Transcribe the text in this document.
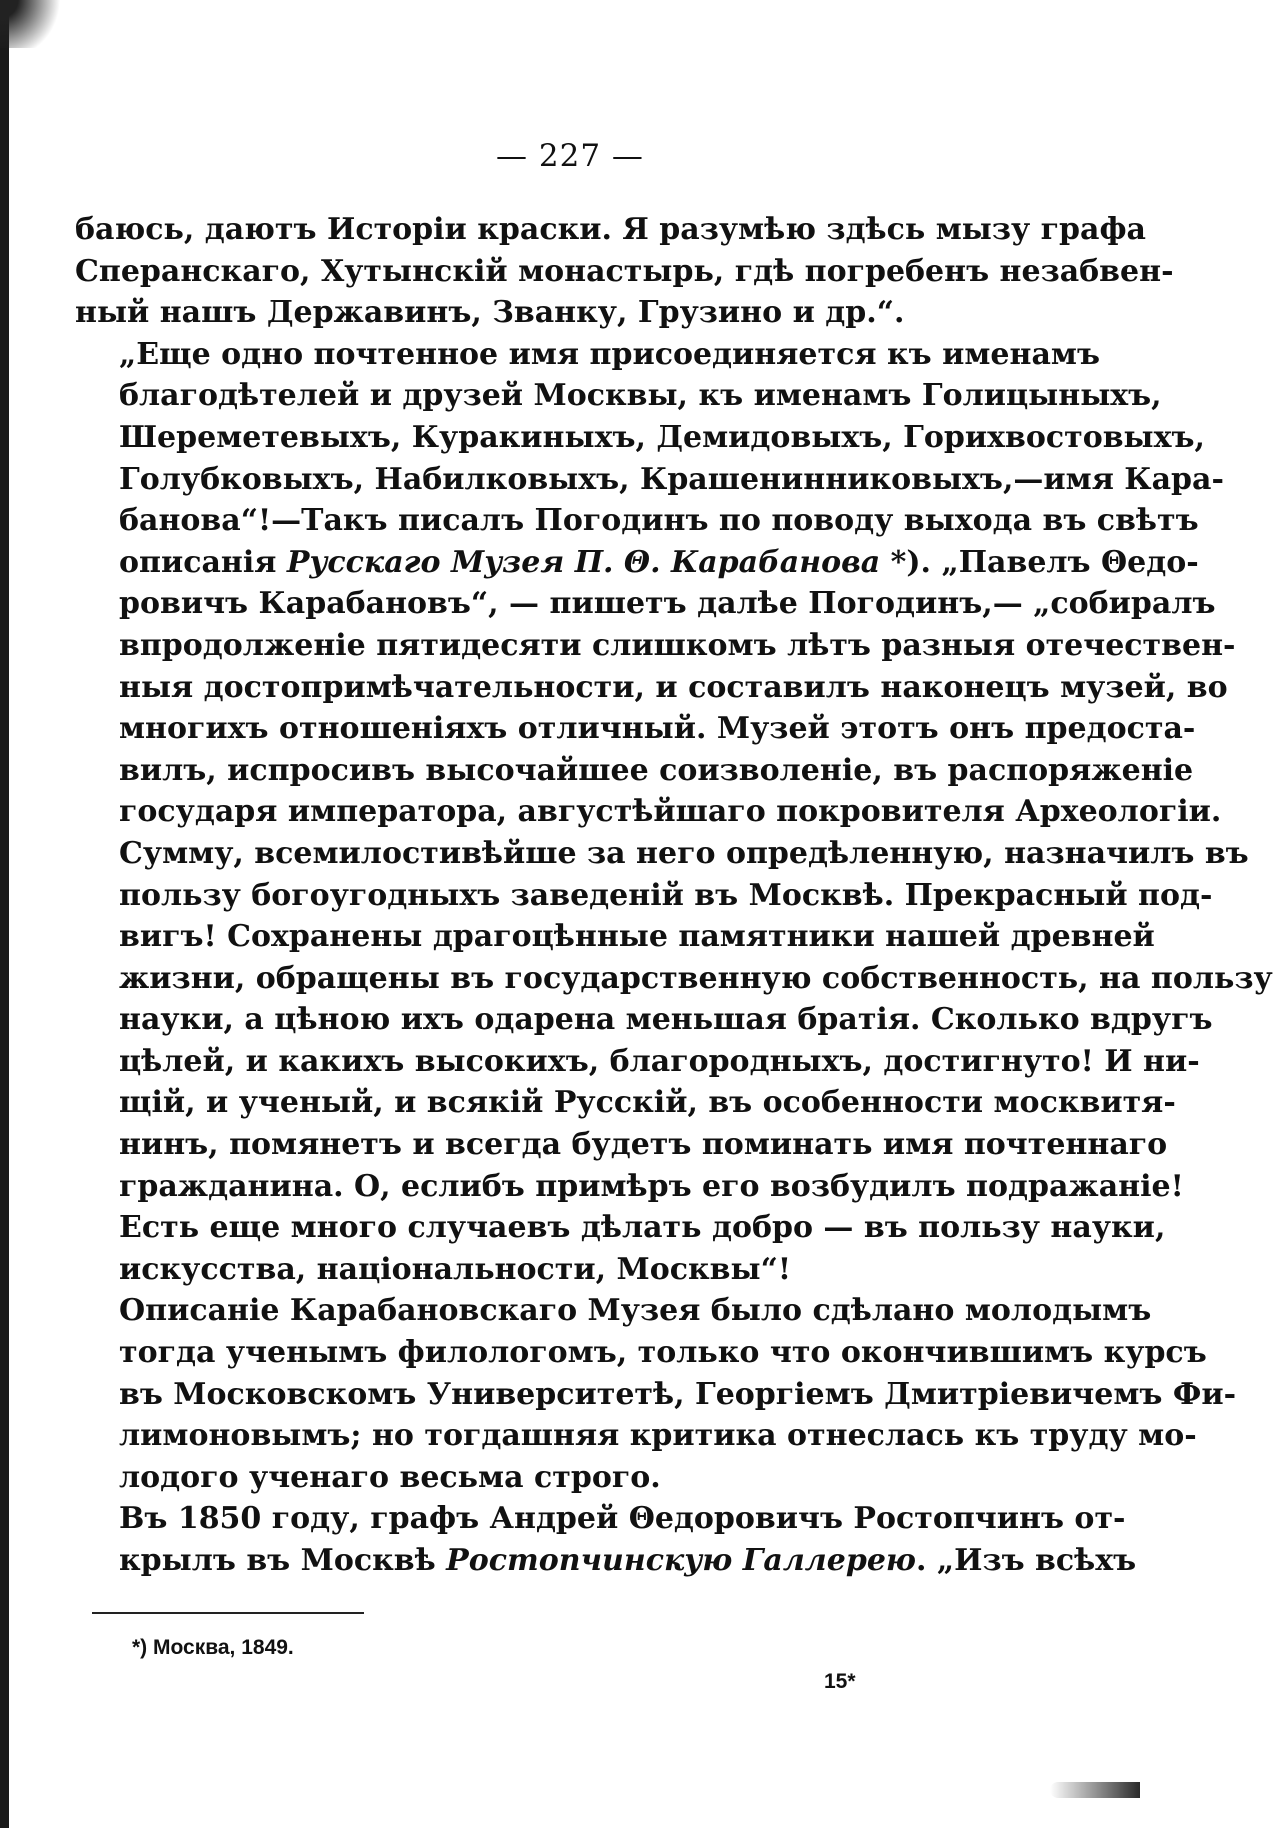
— 227 —
баюсь, даютъ Исторіи краски. Я разумѣю здѣсь мызу графа
Сперанскаго, Хутынскій монастырь, гдѣ погребенъ незабвен-
ный нашъ Державинъ, Званку, Грузино и др.“.
„Еще одно почтенное имя присоединяется къ именамъ
благодѣтелей и друзей Москвы, къ именамъ Голицыныхъ,
Шереметевыхъ, Куракиныхъ, Демидовыхъ, Горихвостовыхъ,
Голубковыхъ, Набилковыхъ, Крашенинниковыхъ,—имя Кара-
банова“!—Такъ писалъ Погодинъ по поводу выхода въ свѣтъ
описанія Русскаго Музея П. Θ. Карабанова *). „Павелъ Θедо-
ровичъ Карабановъ“, — пишетъ далѣе Погодинъ,— „собиралъ
впродолженіе пятидесяти слишкомъ лѣтъ разныя отечествен-
ныя достопримѣчательности, и составилъ наконецъ музей, во
многихъ отношеніяхъ отличный. Музей этотъ онъ предоста-
вилъ, испросивъ высочайшее соизволеніе, въ распоряженіе
государя императора, августѣйшаго покровителя Археологіи.
Сумму, всемилостивѣйше за него опредѣленную, назначилъ въ
пользу богоугодныхъ заведеній въ Москвѣ. Прекрасный под-
вигъ! Сохранены драгоцѣнные памятники нашей древней
жизни, обращены въ государственную собственность, на пользу
науки, а цѣною ихъ одарена меньшая братія. Сколько вдругъ
цѣлей, и какихъ высокихъ, благородныхъ, достигнуто! И ни-
щій, и ученый, и всякій Русскій, въ особенности москвитя-
нинъ, помянетъ и всегда будетъ поминать имя почтеннаго
гражданина. О, еслибъ примѣръ его возбудилъ подражаніе!
Есть еще много случаевъ дѣлать добро — въ пользу науки,
искусства, національности, Москвы“!
Описаніе Карабановскаго Музея было сдѣлано молодымъ
тогда ученымъ филологомъ, только что окончившимъ курсъ
въ Московскомъ Университетѣ, Георгіемъ Дмитріевичемъ Фи-
лимоновымъ; но тогдашняя критика отнеслась къ труду мо-
лодого ученаго весьма строго.
Въ 1850 году, графъ Андрей Θедоровичъ Ростопчинъ от-
крылъ въ Москвѣ Ростопчинскую Галлерею. „Изъ всѣхъ
*) Москва, 1849.
15*
